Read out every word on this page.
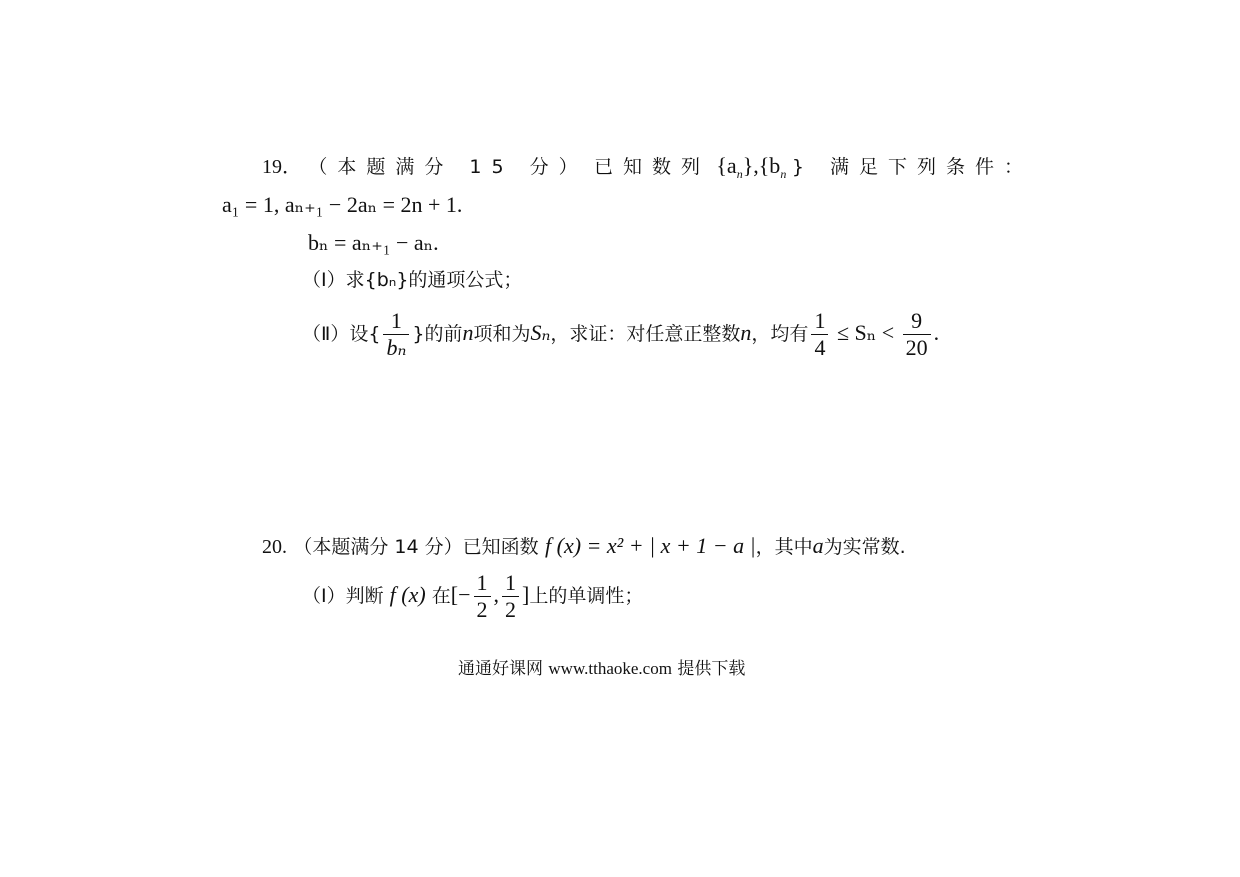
19． （本题满分 15 分） 已知数列 $\{a_n\},\{b_n$ } 满足下列条件：
a₁ = 1, aₙ₊₁ − 2aₙ = 2n + 1.
bₙ = aₙ₊₁ − aₙ.
（Ⅰ）求{bₙ}的通项公式；
（Ⅱ）设{ $\frac{1}{\text{bₙ}}$ }的前n项和为Sₙ，求证：对任意正整数n，均有 $\frac{1}{4} \le S_n < \frac{9}{20}$ .
20. （本题满分 14 分）已知函数 f (x) = x² + | x + 1 − a |，其中a为实常数.
（Ⅰ）判断 f (x) 在[− $\frac{1}{2}$ , $\frac{1}{2}$ ]上的单调性；
通通好课网 www.tthaoke.com 提供下载
